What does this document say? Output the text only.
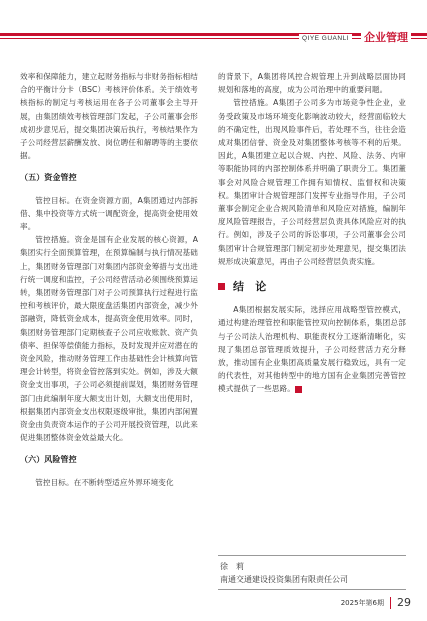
QIYE GUANLI 企业管理

效率和保障能力，建立起财务指标与非财务指标相结合的平衡计分卡（BSC）考核评价体系。关于绩效考核指标的制定与考核运用在各子公司董事会主导开展，由集团绩效考核管理部门发起，子公司董事会形成初步意见后，提交集团决策后执行，考核结果作为子公司经营层薪酬发放、岗位聘任和解聘等的主要依据。

（五）资金管控

管控目标。在资金资源方面，A集团通过内部拆借、集中投资等方式统一调配资金，提高资金使用效率。

管控措施。资金是国有企业发展的核心资源，A集团实行全面预算管理，在预算编制与执行情况基础上，集团财务管理部门对集团内部资金筹措与支出进行统一调度和监控，子公司经营活动必须围绕预算运转，集团财务管理部门对子公司预算执行过程进行监控和考核评价，最大限度盘活集团内部资金，减少外部融资，降低资金成本，提高资金使用效率。同时，集团财务管理部门定期核查子公司应收账款、资产负债率、担保等偿债能力指标，及时发现并应对潜在的资金风险，推动财务管理工作由基础性会计核算向管理会计转型，将资金管控落到实处。例如，涉及大额资金支出事项，子公司必须提前谋划，集团财务管理部门由此编制年度大额支出计划，大额支出使用时，根据集团内部资金支出权限逐级审批，集团内部闲置资金由负责资本运作的子公司开展投资管理，以此来促进集团整体资金效益最大化。

（六）风险管控

管控目标。在不断转型适应外界环境变化

的背景下，A集团将风控合规管理上升到战略层面协同规划和落地的高度，成为公司治理中的重要问题。

管控措施。A集团子公司多为市场竞争性企业，业务受政策及市场环境变化影响波动较大，经营面临较大的不确定性，出现风险事件后，若处理不当，往往会造成对集团信誉、资金及对集团整体考核等不利的后果。因此，A集团建立起以合规、内控、风险、法务、内审等职能协同的内部控制体系并明确了职责分工。集团董事会对风险合规管理工作拥有知情权、监督权和决策权。集团审计合规管理部门发挥专业指导作用，子公司董事会制定企业合规风险清单和风险应对措施，编制年度风险管理报告，子公司经营层负责具体风险应对的执行。例如，涉及子公司的诉讼事项，子公司董事会公司集团审计合规管理部门制定初步处理意见，提交集团法规形成决策意见，再由子公司经营层负责实施。

结　论

A集团根据发展实际，选择应用战略型管控模式，通过构建治理管控和职能管控双向控制体系，集团总部与子公司法人治理机构、职能责权分工逐渐清晰化，实现了集团总部管理质效提升，子公司经营活力充分释放，推动国有企业集团高质量发展行稳致远，具有一定的代表性，对其他转型中的地方国有企业集团完善管控模式提供了一些思路。	G

徐　莉
南通交通建设投资集团有限责任公司
2025年第6期 29
